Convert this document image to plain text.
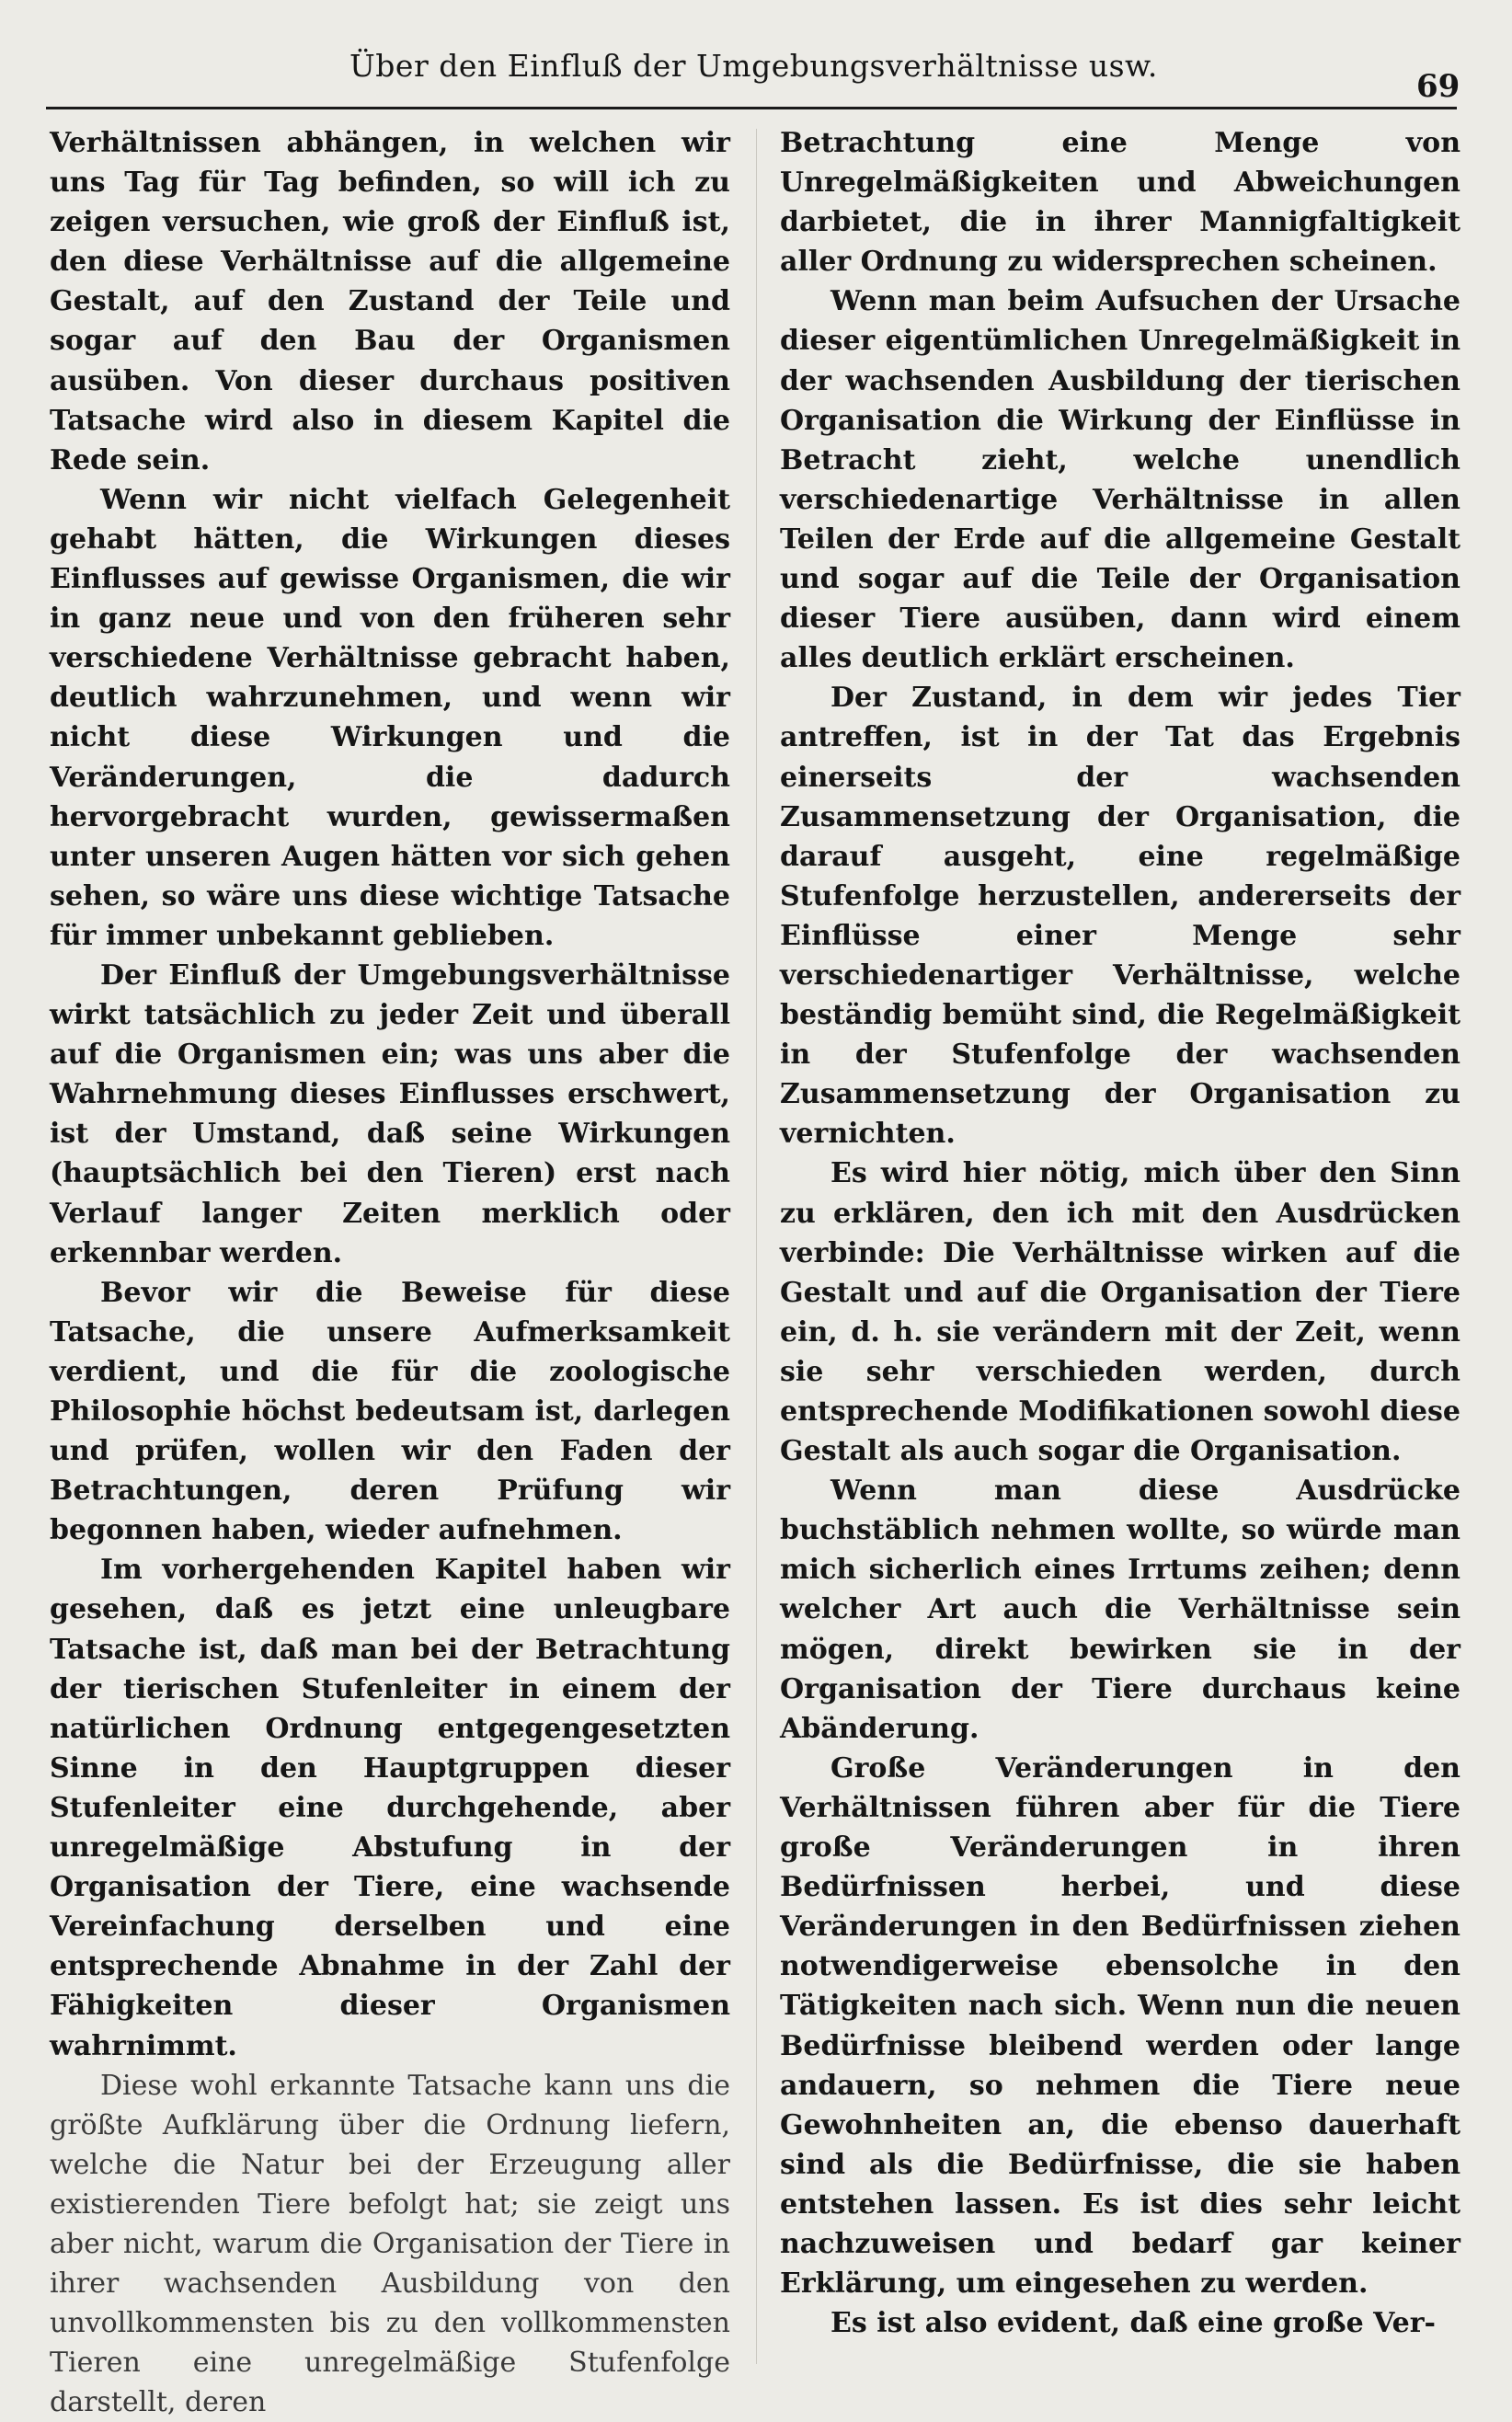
Über den Einfluß der Umgebungsverhältnisse usw.
69

Verhältnissen abhängen, in welchen wir uns Tag für Tag befinden, so will ich zu zeigen versuchen, wie groß der Einfluß ist, den diese Verhältnisse auf die allgemeine Gestalt, auf den Zustand der Teile und sogar auf den Bau der Organismen ausüben. Von dieser durchaus positiven Tatsache wird also in diesem Kapitel die Rede sein.

Wenn wir nicht vielfach Gelegenheit gehabt hätten, die Wirkungen dieses Einflusses auf gewisse Organismen, die wir in ganz neue und von den früheren sehr verschiedene Verhältnisse gebracht haben, deutlich wahrzunehmen, und wenn wir nicht diese Wirkungen und die Veränderungen, die dadurch hervorgebracht wurden, gewissermaßen unter unseren Augen hätten vor sich gehen sehen, so wäre uns diese wichtige Tatsache für immer unbekannt geblieben.

Der Einfluß der Umgebungsverhältnisse wirkt tatsächlich zu jeder Zeit und überall auf die Organismen ein; was uns aber die Wahrnehmung dieses Einflusses erschwert, ist der Umstand, daß seine Wirkungen (hauptsächlich bei den Tieren) erst nach Verlauf langer Zeiten merklich oder erkennbar werden.

Bevor wir die Beweise für diese Tatsache, die unsere Aufmerksamkeit verdient, und die für die zoologische Philosophie höchst bedeutsam ist, darlegen und prüfen, wollen wir den Faden der Betrachtungen, deren Prüfung wir begonnen haben, wieder aufnehmen.

Im vorhergehenden Kapitel haben wir gesehen, daß es jetzt eine unleugbare Tatsache ist, daß man bei der Betrachtung der tierischen Stufenleiter in einem der natürlichen Ordnung entgegengesetzten Sinne in den Hauptgruppen dieser Stufenleiter eine durchgehende, aber unregelmäßige Abstufung in der Organisation der Tiere, eine wachsende Vereinfachung derselben und eine entsprechende Abnahme in der Zahl der Fähigkeiten dieser Organismen wahrnimmt.

Diese wohl erkannte Tatsache kann uns die größte Aufklärung über die Ordnung liefern, welche die Natur bei der Erzeugung aller existierenden Tiere befolgt hat; sie zeigt uns aber nicht, warum die Organisation der Tiere in ihrer wachsenden Ausbildung von den unvollkommensten bis zu den vollkommensten Tieren eine unregelmäßige Stufenfolge darstellt, deren

Betrachtung eine Menge von Unregelmäßigkeiten und Abweichungen darbietet, die in ihrer Mannigfaltigkeit aller Ordnung zu widersprechen scheinen.

Wenn man beim Aufsuchen der Ursache dieser eigentümlichen Unregelmäßigkeit in der wachsenden Ausbildung der tierischen Organisation die Wirkung der Einflüsse in Betracht zieht, welche unendlich verschiedenartige Verhältnisse in allen Teilen der Erde auf die allgemeine Gestalt und sogar auf die Teile der Organisation dieser Tiere ausüben, dann wird einem alles deutlich erklärt erscheinen.

Der Zustand, in dem wir jedes Tier antreffen, ist in der Tat das Ergebnis einerseits der wachsenden Zusammensetzung der Organisation, die darauf ausgeht, eine regelmäßige Stufenfolge herzustellen, andererseits der Einflüsse einer Menge sehr verschiedenartiger Verhältnisse, welche beständig bemüht sind, die Regelmäßigkeit in der Stufenfolge der wachsenden Zusammensetzung der Organisation zu vernichten.

Es wird hier nötig, mich über den Sinn zu erklären, den ich mit den Ausdrücken verbinde: Die Verhältnisse wirken auf die Gestalt und auf die Organisation der Tiere ein, d. h. sie verändern mit der Zeit, wenn sie sehr verschieden werden, durch entsprechende Modifikationen sowohl diese Gestalt als auch sogar die Organisation.

Wenn man diese Ausdrücke buchstäblich nehmen wollte, so würde man mich sicherlich eines Irrtums zeihen; denn welcher Art auch die Verhältnisse sein mögen, direkt bewirken sie in der Organisation der Tiere durchaus keine Abänderung.

Große Veränderungen in den Verhältnissen führen aber für die Tiere große Veränderungen in ihren Bedürfnissen herbei, und diese Veränderungen in den Bedürfnissen ziehen notwendigerweise ebensolche in den Tätigkeiten nach sich. Wenn nun die neuen Bedürfnisse bleibend werden oder lange andauern, so nehmen die Tiere neue Gewohnheiten an, die ebenso dauerhaft sind als die Bedürfnisse, die sie haben entstehen lassen. Es ist dies sehr leicht nachzuweisen und bedarf gar keiner Erklärung, um eingesehen zu werden.

Es ist also evident, daß eine große Ver-
